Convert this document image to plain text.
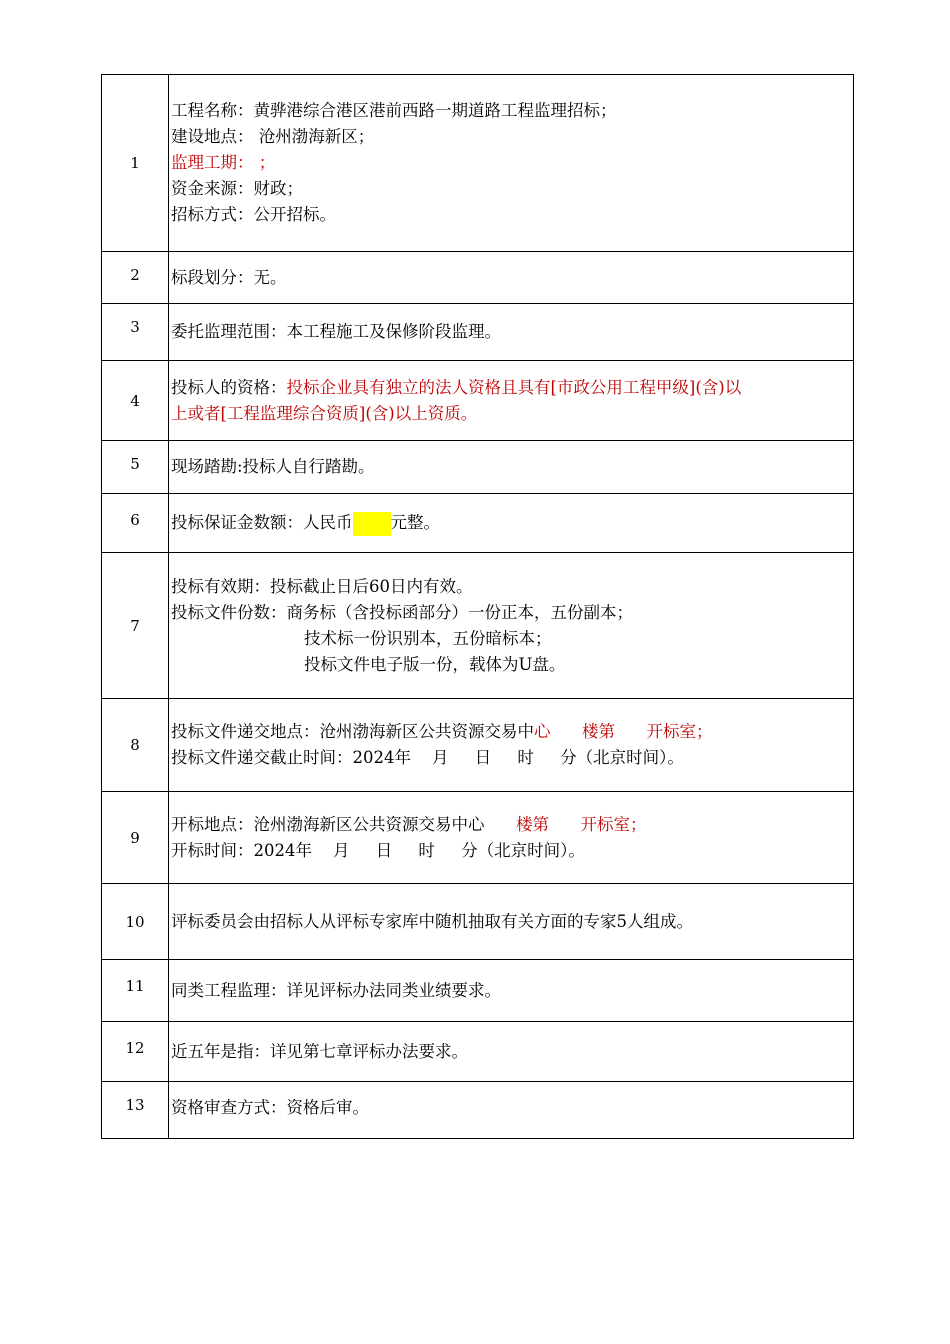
1	工程名称：黄骅港综合港区港前西路一期道路工程监理招标；
建设地点： 沧州渤海新区；
监理工期： ；
资金来源：财政；
招标方式：公开招标。

2	标段划分：无。

3	委托监理范围：本工程施工及保修阶段监理。

4	投标人的资格：投标企业具有独立的法人资格且具有[市政公用工程甲级](含)以
上或者[工程监理综合资质](含)以上资质。

5	现场踏勘:投标人自行踏勘。

6	投标保证金数额：人民币 元整。

7	投标有效期：投标截止日后60日内有效。
投标文件份数：商务标（含投标函部分）一份正本，五份副本；
技术标一份识别本，五份暗标本；
投标文件电子版一份，载体为U盘。

8	投标文件递交地点：沧州渤海新区公共资源交易中心      楼第      开标室；
投标文件递交截止时间：2024年    月     日     时     分（北京时间）。

9	开标地点：沧州渤海新区公共资源交易中心      楼第      开标室；
开标时间：2024年    月     日     时     分（北京时间）。

10	评标委员会由招标人从评标专家库中随机抽取有关方面的专家5人组成。

11	同类工程监理：详见评标办法同类业绩要求。

12	近五年是指：详见第七章评标办法要求。

13	资格审查方式：资格后审。
